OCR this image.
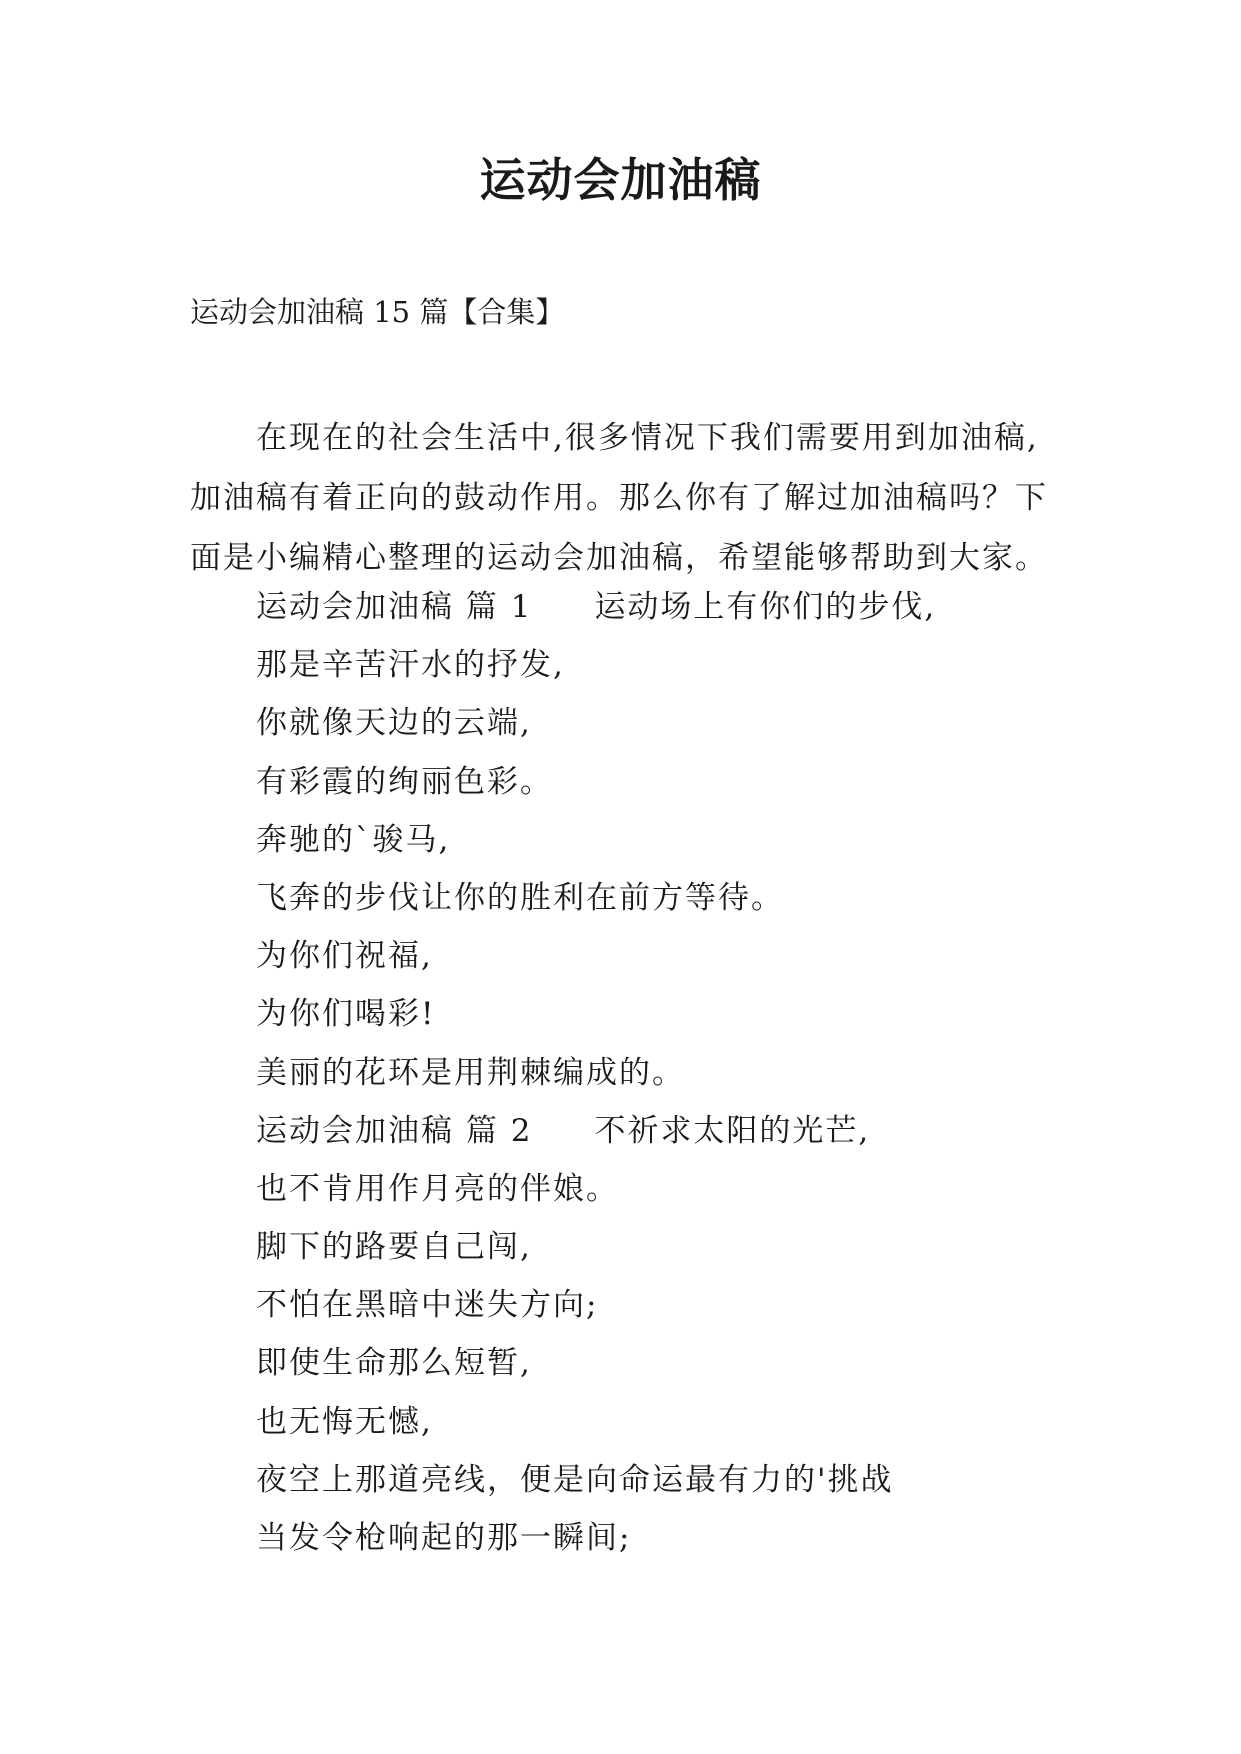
运动会加油稿
运动会加油稿 15 篇【合集】
在现在的社会生活中,很多情况下我们需要用到加油稿,
加油稿有着正向的鼓动作用。那么你有了解过加油稿吗？下
面是小编精心整理的运动会加油稿，希望能够帮助到大家。
运动会加油稿 篇 1 运动场上有你们的步伐,
那是辛苦汗水的抒发,
你就像天边的云端,
有彩霞的绚丽色彩。
奔驰的`骏马,
飞奔的步伐让你的胜利在前方等待。
为你们祝福,
为你们喝彩!
美丽的花环是用荆棘编成的。
运动会加油稿 篇 2 不祈求太阳的光芒,
也不肯用作月亮的伴娘。
脚下的路要自己闯,
不怕在黑暗中迷失方向;
即使生命那么短暂,
也无悔无憾,
夜空上那道亮线，便是向命运最有力的'挑战
当发令枪响起的那一瞬间;
